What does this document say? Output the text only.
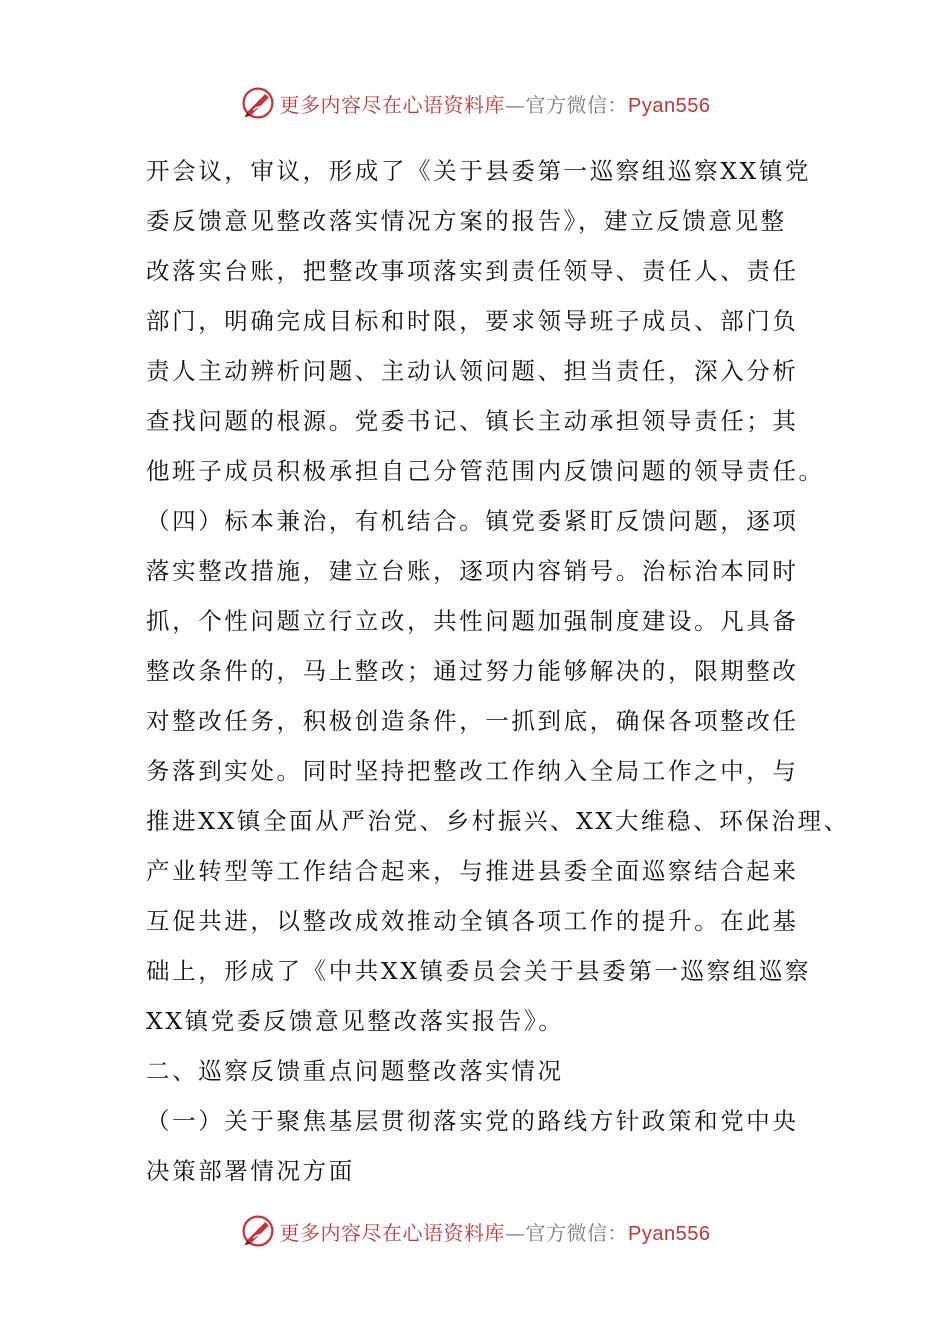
更多内容尽在心语资料库—官方微信：Pyan556

开会议，审议，形成了《关于县委第一巡察组巡察XX镇党

委反馈意见整改落实情况方案的报告》，建立反馈意见整

改落实台账，把整改事项落实到责任领导、责任人、责任

部门，明确完成目标和时限，要求领导班子成员、部门负

责人主动辨析问题、主动认领问题、担当责任，深入分析

查找问题的根源。党委书记、镇长主动承担领导责任；其

他班子成员积极承担自己分管范围内反馈问题的领导责任。

（四）标本兼治，有机结合。镇党委紧盯反馈问题，逐项

落实整改措施，建立台账，逐项内容销号。治标治本同时

抓，个性问题立行立改，共性问题加强制度建设。凡具备

整改条件的，马上整改；通过努力能够解决的，限期整改

对整改任务，积极创造条件，一抓到底，确保各项整改任

务落到实处。同时坚持把整改工作纳入全局工作之中，与

推进XX镇全面从严治党、乡村振兴、XX大维稳、环保治理、

产业转型等工作结合起来，与推进县委全面巡察结合起来

互促共进，以整改成效推动全镇各项工作的提升。在此基

础上，形成了《中共XX镇委员会关于县委第一巡察组巡察

XX镇党委反馈意见整改落实报告》。

二、巡察反馈重点问题整改落实情况

（一）关于聚焦基层贯彻落实党的路线方针政策和党中央

决策部署情况方面

更多内容尽在心语资料库—官方微信：Pyan556
